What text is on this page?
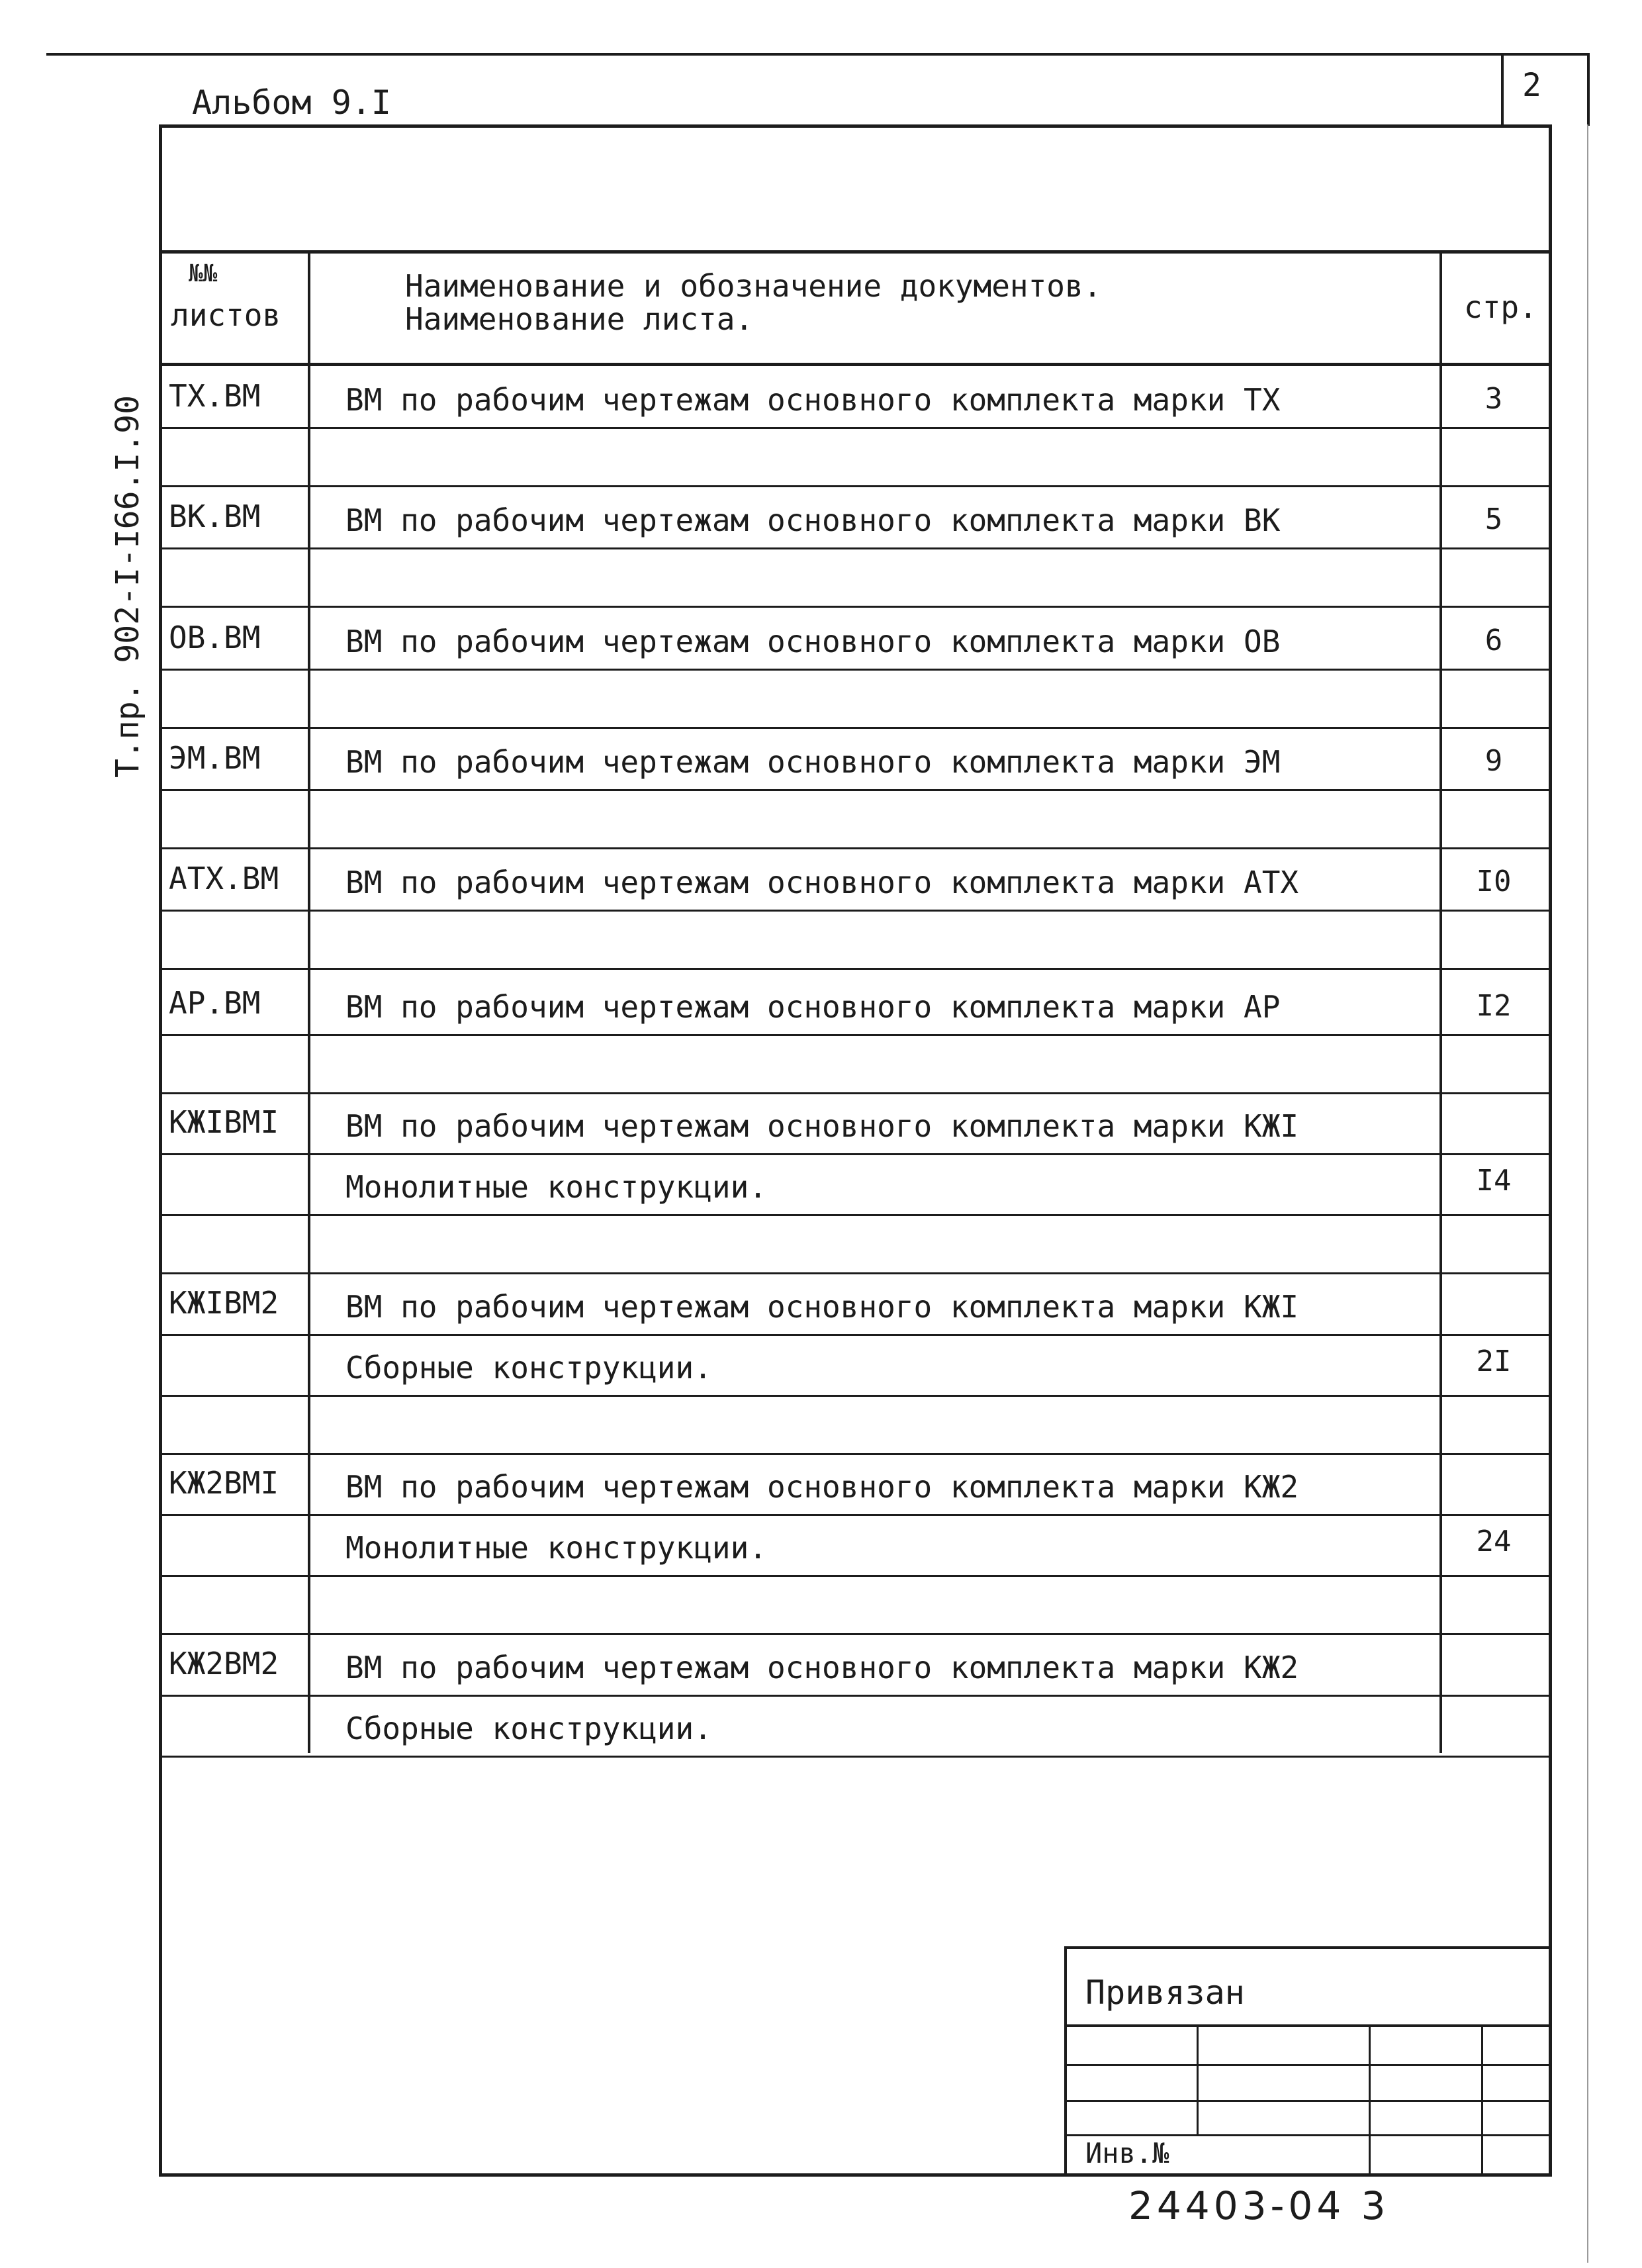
Альбом 9.I	2
Т.пр. 902-I-I66.I.90
№№
листов
Наименование и обозначение документов.
Наименование листа.	стр.
ТХ.ВМ	ВМ по рабочим чертежам основного комплекта марки ТХ	3
ВК.ВМ	ВМ по рабочим чертежам основного комплекта марки ВК	5
ОВ.ВМ	ВМ по рабочим чертежам основного комплекта марки ОВ	6
ЭМ.ВМ	ВМ по рабочим чертежам основного комплекта марки ЭМ	9
АТХ.ВМ ВМ по рабочим чертежам основного комплекта марки АТХ	I0
АР.ВМ	ВМ по рабочим чертежам основного комплекта марки АР	I2
КЖIВМI ВМ по рабочим чертежам основного комплекта марки КЖI
Монолитные конструкции.	I4
КЖIВМ2 ВМ по рабочим чертежам основного комплекта марки КЖI
Сборные конструкции.	2I
КЖ2ВМI ВМ по рабочим чертежам основного комплекта марки КЖ2
Монолитные конструкции.	24
КЖ2ВМ2 ВМ по рабочим чертежам основного комплекта марки КЖ2
Сборные конструкции.
Привязан
Инв.№
24403-04 3
